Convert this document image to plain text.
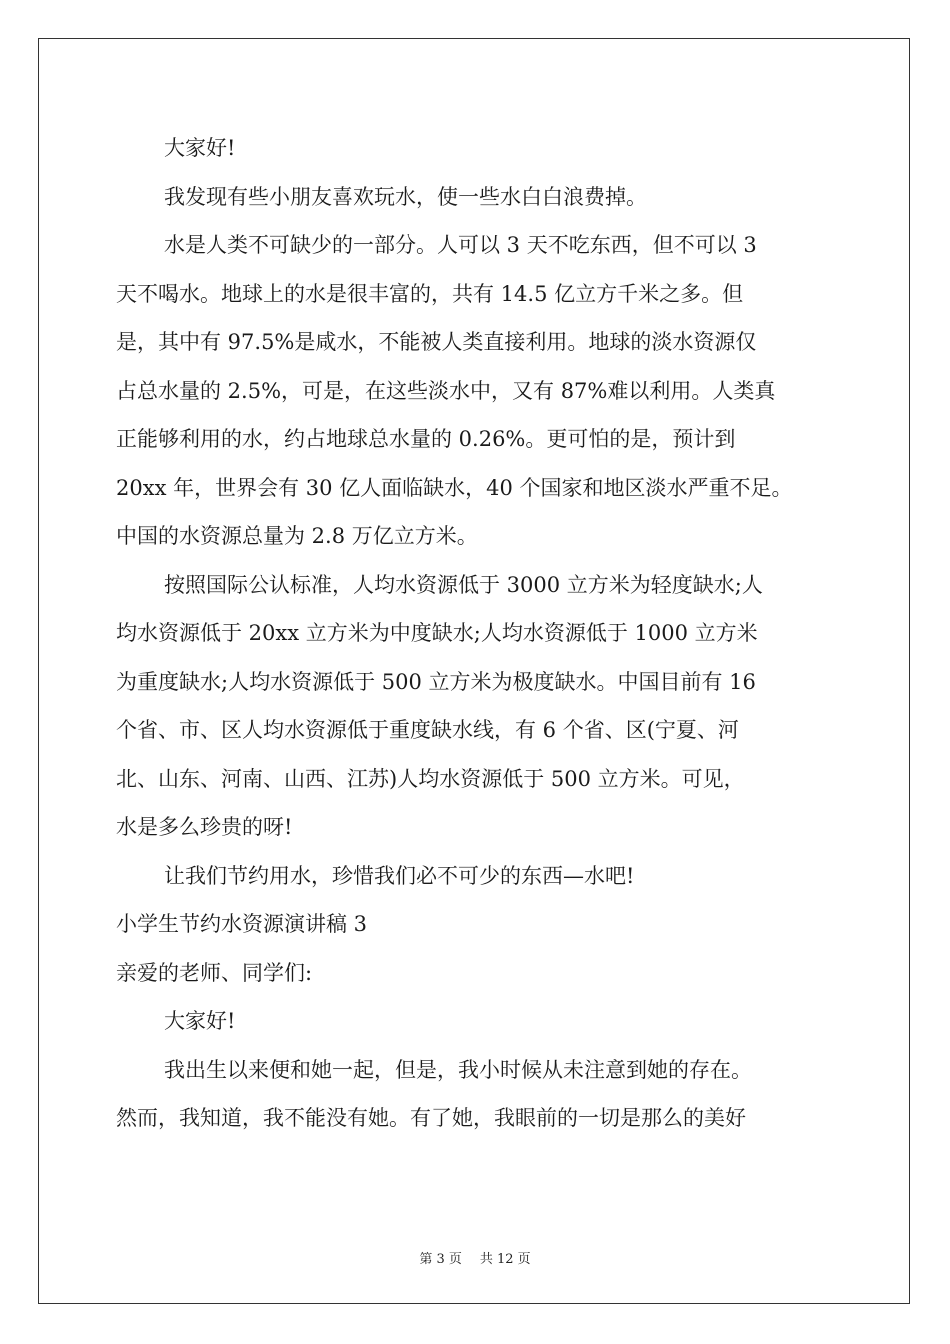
大家好!
我发现有些小朋友喜欢玩水，使一些水白白浪费掉。
水是人类不可缺少的一部分。人可以 3 天不吃东西，但不可以 3
天不喝水。地球上的水是很丰富的，共有 14.5 亿立方千米之多。但
是，其中有 97.5%是咸水，不能被人类直接利用。地球的淡水资源仅
占总水量的 2.5%，可是，在这些淡水中，又有 87%难以利用。人类真
正能够利用的水，约占地球总水量的 0.26%。更可怕的是，预计到
20xx 年，世界会有 30 亿人面临缺水，40 个国家和地区淡水严重不足。
中国的水资源总量为 2.8 万亿立方米。
按照国际公认标准，人均水资源低于 3000 立方米为轻度缺水;人
均水资源低于 20xx 立方米为中度缺水;人均水资源低于 1000 立方米
为重度缺水;人均水资源低于 500 立方米为极度缺水。中国目前有 16
个省、市、区人均水资源低于重度缺水线，有 6 个省、区(宁夏、河
北、山东、河南、山西、江苏)人均水资源低于 500 立方米。可见，
水是多么珍贵的呀!
让我们节约用水，珍惜我们必不可少的东西—水吧!
小学生节约水资源演讲稿 3
亲爱的老师、同学们:
大家好!
我出生以来便和她一起，但是，我小时候从未注意到她的存在。
然而，我知道，我不能没有她。有了她，我眼前的一切是那么的美好
第 3 页 共 12 页
